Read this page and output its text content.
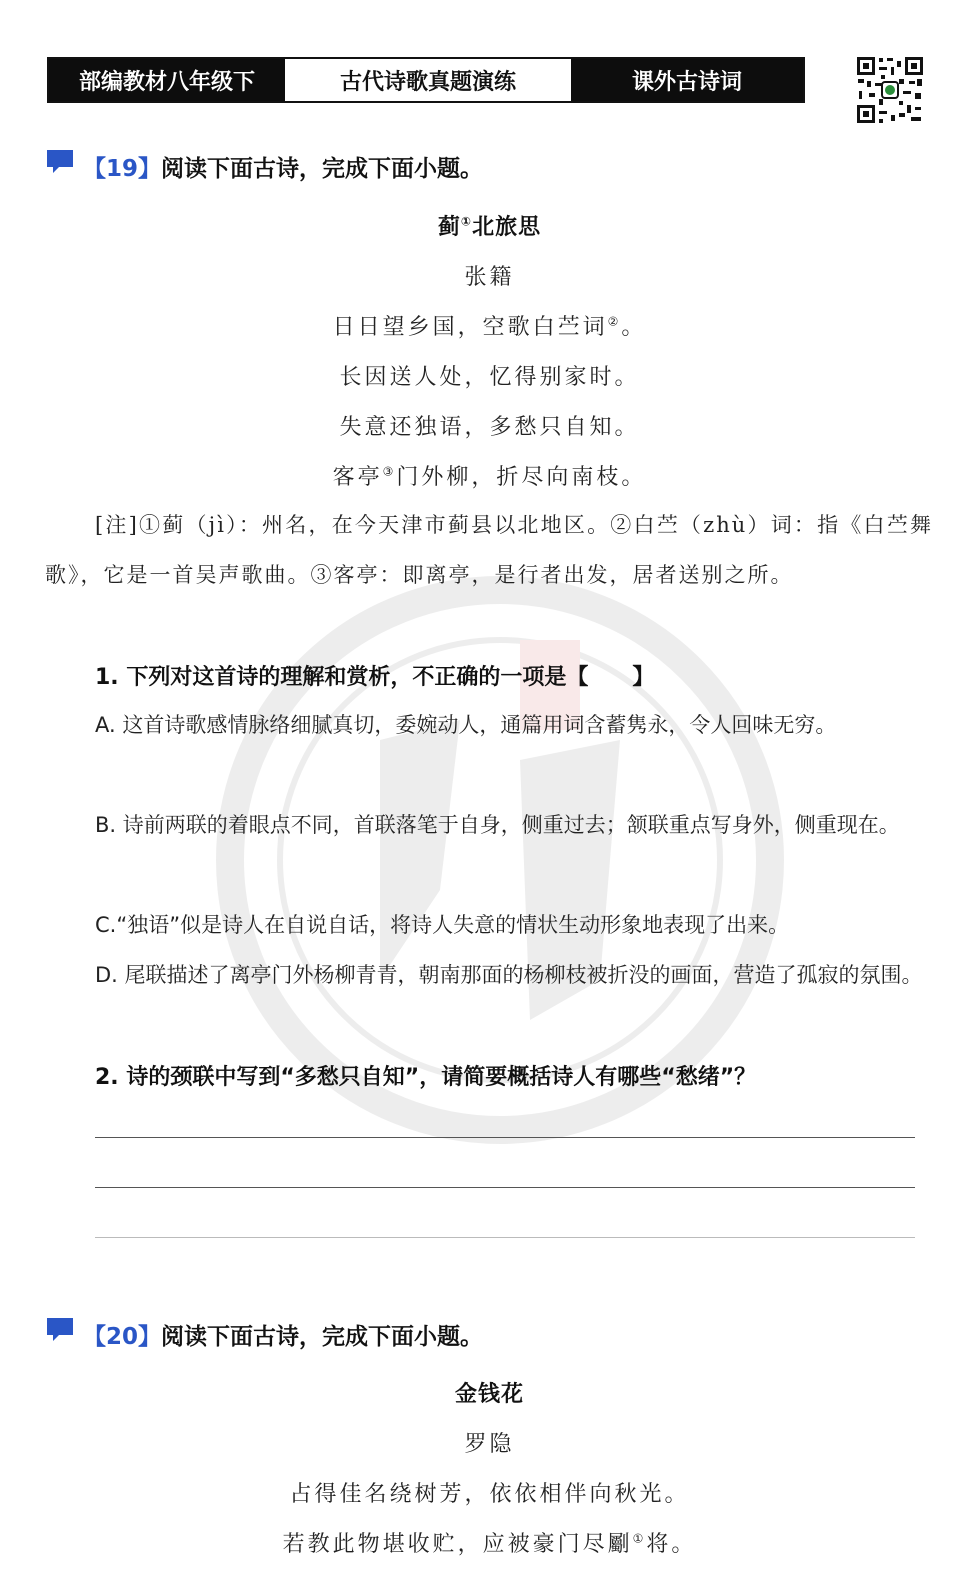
部编教材八年级下	古代诗歌真题演练	课外古诗词
【19】 阅读下面古诗，完成下面小题。
蓟①北旅思
张籍
日日望乡国，空歌白苎词②。
长因送人处，忆得别家时。
失意还独语，多愁只自知。
客亭③门外柳，折尽向南枝。
[注]①蓟（jì）：州名，在今天津市蓟县以北地区。②白苎（zhù）词：指《白苎舞歌》，它是一首吴声歌曲。③客亭：即离亭，是行者出发，居者送别之所。
1. 下列对这首诗的理解和赏析，不正确的一项是【　　】
A. 这首诗歌感情脉络细腻真切，委婉动人，通篇用词含蓄隽永，令人回味无穷。
B. 诗前两联的着眼点不同，首联落笔于自身，侧重过去；颔联重点写身外，侧重现在。
C.“独语”似是诗人在自说自话，将诗人失意的情状生动形象地表现了出来。
D. 尾联描述了离亭门外杨柳青青，朝南那面的杨柳枝被折没的画面，营造了孤寂的氛围。
2. 诗的颈联中写到“多愁只自知”，请简要概括诗人有哪些“愁绪”？
【20】 阅读下面古诗，完成下面小题。
金钱花
罗隐
占得佳名绕树芳，依依相伴向秋光。
若教此物堪收贮，应被豪门尽劚①将。
